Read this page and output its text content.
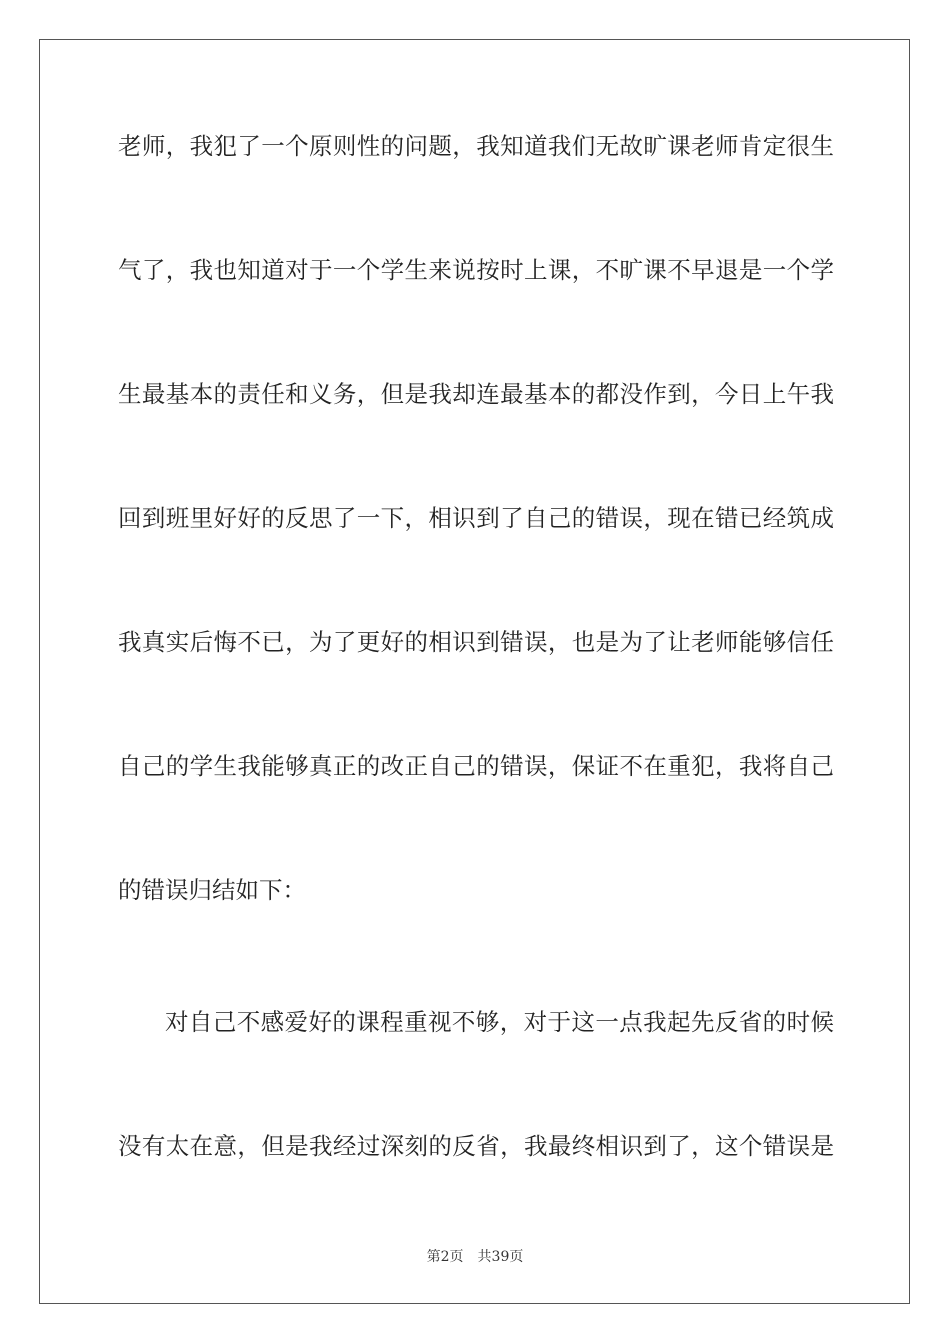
老师，我犯了一个原则性的问题，我知道我们无故旷课老师肯定很生
气了，我也知道对于一个学生来说按时上课，不旷课不早退是一个学
生最基本的责任和义务，但是我却连最基本的都没作到，今日上午我
回到班里好好的反思了一下，相识到了自己的错误，现在错已经筑成
我真实后悔不已，为了更好的相识到错误，也是为了让老师能够信任
自己的学生我能够真正的改正自己的错误，保证不在重犯，我将自己
的错误归结如下：
对自己不感爱好的课程重视不够，对于这一点我起先反省的时候
没有太在意，但是我经过深刻的反省，我最终相识到了，这个错误是
第2页 共39页
